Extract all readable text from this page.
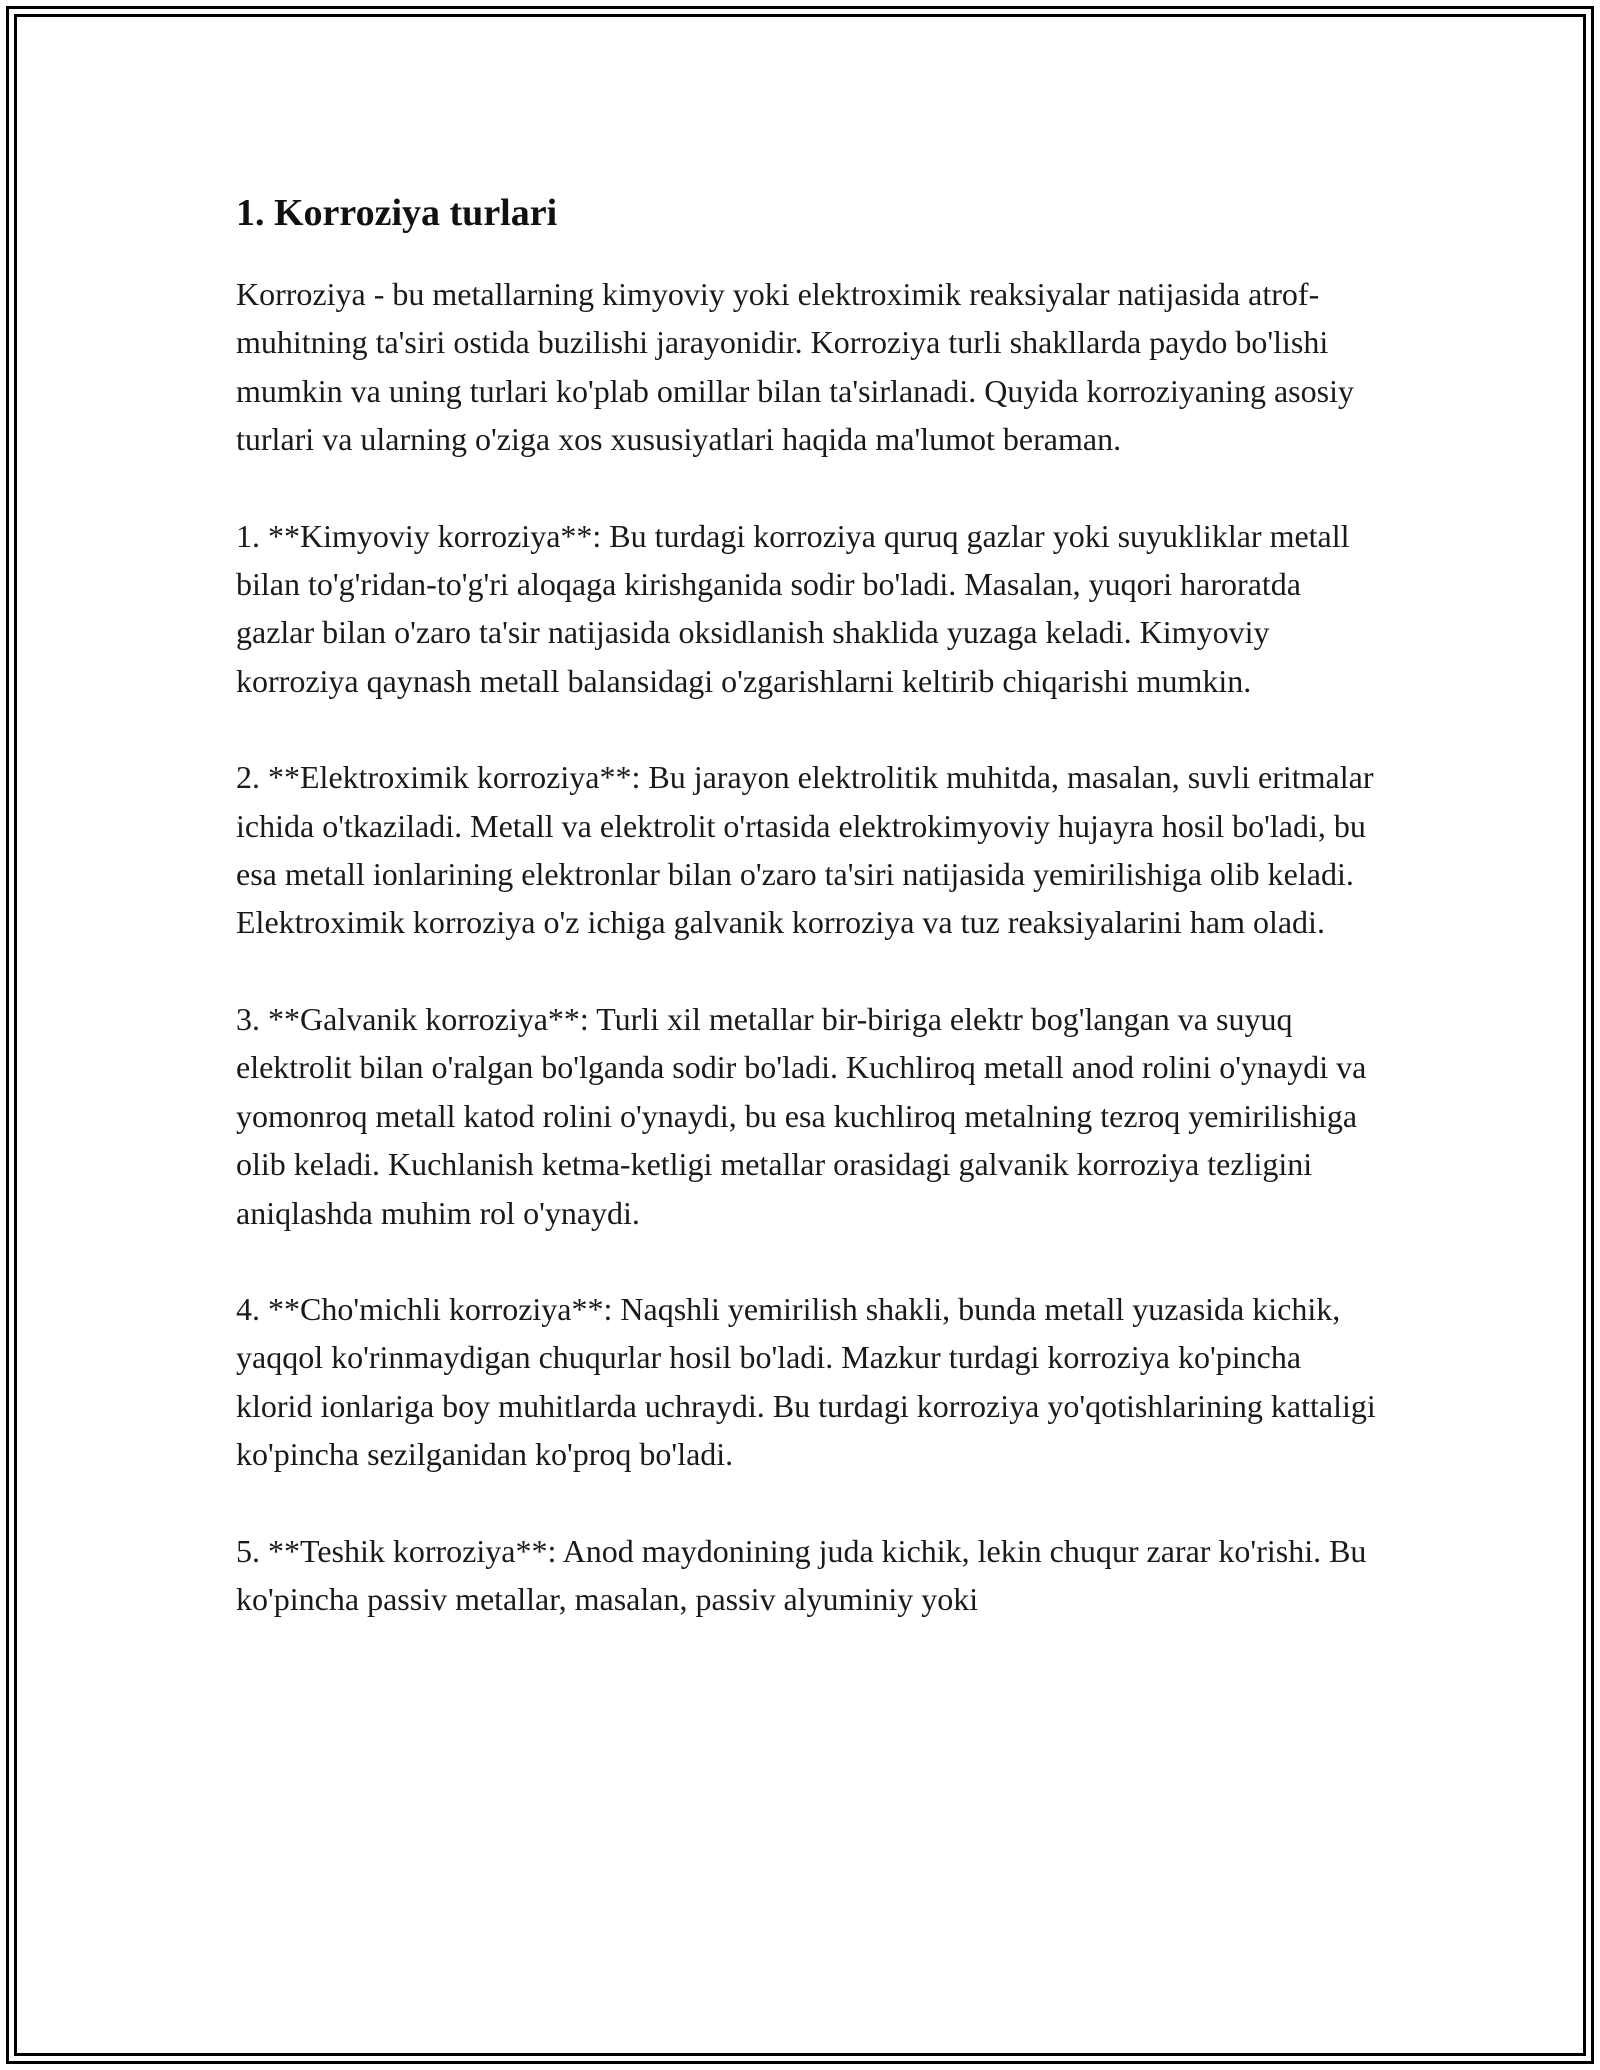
1. Korroziya turlari

Korroziya - bu metallarning kimyoviy yoki elektroximik reaksiyalar natijasida atrof-muhitning ta'siri ostida buzilishi jarayonidir. Korroziya turli shakllarda paydo bo'lishi mumkin va uning turlari ko'plab omillar bilan ta'sirlanadi. Quyida korroziyaning asosiy turlari va ularning o'ziga xos xususiyatlari haqida ma'lumot beraman.

1. **Kimyoviy korroziya**: Bu turdagi korroziya quruq gazlar yoki suyukliklar metall bilan to'g'ridan-to'g'ri aloqaga kirishganida sodir bo'ladi. Masalan, yuqori haroratda gazlar bilan o'zaro ta'sir natijasida oksidlanish shaklida yuzaga keladi. Kimyoviy korroziya qaynash metall balansidagi o'zgarishlarni keltirib chiqarishi mumkin.

2. **Elektroximik korroziya**: Bu jarayon elektrolitik muhitda, masalan, suvli eritmalar ichida o'tkaziladi. Metall va elektrolit o'rtasida elektrokimyoviy hujayra hosil bo'ladi, bu esa metall ionlarining elektronlar bilan o'zaro ta'siri natijasida yemirilishiga olib keladi. Elektroximik korroziya o'z ichiga galvanik korroziya va tuz reaksiyalarini ham oladi.

3. **Galvanik korroziya**: Turli xil metallar bir-biriga elektr bog'langan va suyuq elektrolit bilan o'ralgan bo'lganda sodir bo'ladi. Kuchliroq metall anod rolini o'ynaydi va yomonroq metall katod rolini o'ynaydi, bu esa kuchliroq metalning tezroq yemirilishiga olib keladi. Kuchlanish ketma-ketligi metallar orasidagi galvanik korroziya tezligini aniqlashda muhim rol o'ynaydi.

4. **Cho'michli korroziya**: Naqshli yemirilish shakli, bunda metall yuzasida kichik, yaqqol ko'rinmaydigan chuqurlar hosil bo'ladi. Mazkur turdagi korroziya ko'pincha klorid ionlariga boy muhitlarda uchraydi. Bu turdagi korroziya yo'qotishlarining kattaligi ko'pincha sezilganidan ko'proq bo'ladi.

5. **Teshik korroziya**: Anod maydonining juda kichik, lekin chuqur zarar ko'rishi. Bu ko'pincha passiv metallar, masalan, passiv alyuminiy yoki
